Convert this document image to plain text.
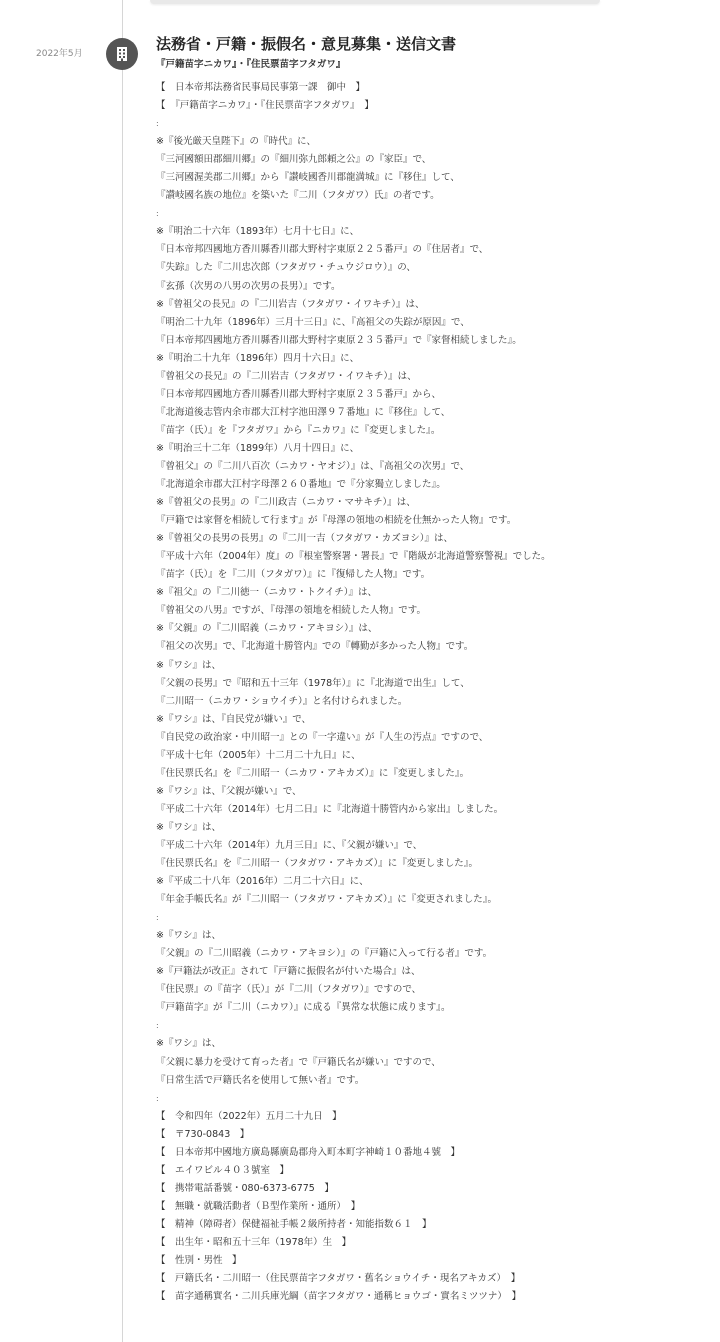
2022年5月
法務省・戸籍・振假名・意見募集・送信文書
『戸籍苗字ニカワ』・『住民票苗字フタガワ』
【　日本帝邦法務省民事局民事第一課　御中　】
【　『戸籍苗字ニカワ』・『住民票苗字フタガワ』　】
:
※『後光厳天皇陛下』の『時代』に、
『三河國額田郡細川郷』の『細川弥九郎頼之公』の『家臣』で、
『三河國渥美郡二川郷』から『讃岐國香川郡龍満城』に『移住』して、
『讃岐國名族の地位』を築いた『二川（フタガワ）氏』の者です。
:
※『明治二十六年（1893年）七月十七日』に、
『日本帝邦四國地方香川縣香川郡大野村字東原２２５番戸』の『住居者』で、
『失踪』した『二川忠次郎（フタガワ・チュウジロウ）』の、
『玄孫（次男の八男の次男の長男）』です。
※『曾祖父の長兄』の『二川岩吉（フタガワ・イワキチ）』は、
『明治二十九年（1896年）三月十三日』に、『高祖父の失踪が原因』で、
『日本帝邦四國地方香川縣香川郡大野村字東原２３５番戸』で『家督相続しました』。
※『明治二十九年（1896年）四月十六日』に、
『曾祖父の長兄』の『二川岩吉（フタガワ・イワキチ）』は、
『日本帝邦四國地方香川縣香川郡大野村字東原２３５番戸』から、
『北海道後志管内余市郡大江村字池田澤９７番地』に『移住』して、
『苗字（氏）』を『フタガワ』から『ニカワ』に『変更しました』。
※『明治三十二年（1899年）八月十四日』に、
『曾祖父』の『二川八百次（ニカワ・ヤオジ）』は、『高祖父の次男』で、
『北海道余市郡大江村字母澤２６０番地』で『分家獨立しました』。
※『曾祖父の長男』の『二川政吉（ニカワ・マサキチ）』は、
『戸籍では家督を相続して行ます』が『母澤の領地の相続を仕無かった人物』です。
※『曾祖父の長男の長男』の『二川一吉（フタガワ・カズヨシ）』は、
『平成十六年（2004年）度』の『根室警察署・署長』で『階級が北海道警察警視』でした。
『苗字（氏）』を『二川（フタガワ）』に『復帰した人物』です。
※『祖父』の『二川徳一（ニカワ・トクイチ）』は、
『曾祖父の八男』ですが、『母澤の領地を相続した人物』です。
※『父親』の『二川昭義（ニカワ・アキヨシ）』は、
『祖父の次男』で、『北海道十勝管内』での『轉勤が多かった人物』です。
※『ワシ』は、
『父親の長男』で『昭和五十三年（1978年）』に『北海道で出生』して、
『二川昭一（ニカワ・ショウイチ）』と名付けられました。
※『ワシ』は、『自民党が嫌い』で、
『自民党の政治家・中川昭一』との『一字違い』が『人生の汚点』ですので、
『平成十七年（2005年）十二月二十九日』に、
『住民票氏名』を『二川昭一（ニカワ・アキカズ）』に『変更しました』。
※『ワシ』は、『父親が嫌い』で、
『平成二十六年（2014年）七月二日』に『北海道十勝管内から家出』しました。
※『ワシ』は、
『平成二十六年（2014年）九月三日』に、『父親が嫌い』で、
『住民票氏名』を『二川昭一（フタガワ・アキカズ）』に『変更しました』。
※『平成二十八年（2016年）二月二十六日』に、
『年金手帳氏名』が『二川昭一（フタガワ・アキカズ）』に『変更されました』。
:
※『ワシ』は、
『父親』の『二川昭義（ニカワ・アキヨシ）』の『戸籍に入って行る者』です。
※『戸籍法が改正』されて『戸籍に振假名が付いた場合』は、
『住民票』の『苗字（氏）』が『二川（フタガワ）』ですので、
『戸籍苗字』が『二川（ニカワ）』に成る『異常な状態に成ります』。
:
※『ワシ』は、
『父親に暴力を受けて育った者』で『戸籍氏名が嫌い』ですので、
『日常生活で戸籍氏名を使用して無い者』です。
:
【　令和四年（2022年）五月二十九日　】
【　〒730-0843　】
【　日本帝邦中國地方廣島縣廣島郡舟入町本町字神崎１０番地４號　】
【　エイワビル４０３號室　】
【　携帯電話番號・080-6373-6775　】
【　無職・就職活動者（Ｂ型作業所・通所）　】
【　精神（障碍者）保健福祉手帳２級所持者・知能指数６１　】
【　出生年・昭和五十三年（1978年）生　】
【　性別・男性　】
【　戸籍氏名・二川昭一（住民票苗字フタガワ・舊名ショウイチ・現名アキカズ）　】
【　苗字通稱實名・二川兵庫光綱（苗字フタガワ・通稱ヒョウゴ・實名ミツツナ）　】
